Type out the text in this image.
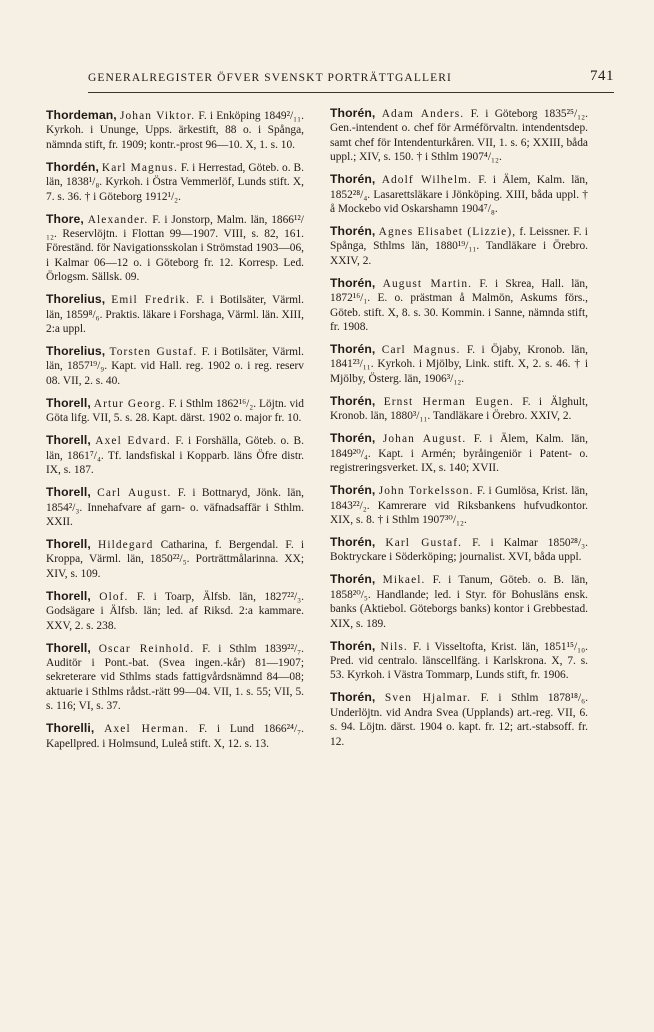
GENERALREGISTER ÖFVER SVENSKT PORTRÄTTGALLERI	741

Thordeman, Johan Viktor. F. i Enköping 1849²/₁₁. Kyrkoh. i Ununge, Upps. ärkestift, 88 o. i Spånga, nämnda stift, fr. 1909; kontr.-prost 96—10. X, 1. s. 10.

Thordén, Karl Magnus. F. i Herrestad, Göteb. o. B. län, 1838¹/₈. Kyrkoh. i Östra Vemmerlöf, Lunds stift. X, 7. s. 36. † i Göteborg 1912¹/₂.

Thore, Alexander. F. i Jonstorp, Malm. län, 1866¹²/₁₂. Reservlöjtn. i Flottan 99—1907. VIII, s. 82, 161. Föreständ. för Navigationsskolan i Strömstad 1903—06, i Kalmar 06—12 o. i Göteborg fr. 12. Korresp. Led. Örlogsm. Sällsk. 09.

Thorelius, Emil Fredrik. F. i Botilsäter, Värml. län, 1859⁸/₆. Praktis. läkare i Forshaga, Värml. län. XIII, 2:a uppl.

Thorelius, Torsten Gustaf. F. i Botilsäter, Värml. län, 1857¹⁹/₉. Kapt. vid Hall. reg. 1902 o. i reg. reserv 08. VII, 2. s. 40.

Thorell, Artur Georg. F. i Sthlm 1862¹⁶/₂. Löjtn. vid Göta lifg. VII, 5. s. 28. Kapt. därst. 1902 o. major fr. 10.

Thorell, Axel Edvard. F. i Forshälla, Göteb. o. B. län, 1861⁷/₄. Tf. landsfiskal i Kopparb. läns Öfre distr. IX, s. 187.

Thorell, Carl August. F. i Bottnaryd, Jönk. län, 1854²/₃. Innehafvare af garn- o. väfnadsaffär i Sthlm. XXII.

Thorell, Hildegard Catharina, f. Bergendal. F. i Kroppa, Värml. län, 1850²²/₅. Porträttmålarinna. XX; XIV, s. 109.

Thorell, Olof. F. i Toarp, Älfsb. län, 1827²²/₃. Godsägare i Älfsb. län; led. af Riksd. 2:a kammare. XXV, 2. s. 238.

Thorell, Oscar Reinhold. F. i Sthlm 1839²²/₇. Auditör i Pont.-bat. (Svea ingen.-kår) 81—1907; sekreterare vid Sthlms stads fattigvårdsnämnd 84—08; aktuarie i Sthlms rådst.-rätt 99—04. VII, 1. s. 55; VII, 5. s. 116; VI, s. 37.

Thorelli, Axel Herman. F. i Lund 1866²⁴/₇. Kapellpred. i Holmsund, Luleå stift. X, 12. s. 13.

Thorén, Adam Anders. F. i Göteborg 1835²⁵/₁₂. Gen.-intendent o. chef för Arméförvaltn. intendentsdep. samt chef för Intendenturkåren. VII, 1. s. 6; XXIII, båda uppl.; XIV, s. 150. † i Sthlm 1907⁴/₁₂.

Thorén, Adolf Wilhelm. F. i Älem, Kalm. län, 1852²⁸/₄. Lasarettsläkare i Jönköping. XIII, båda uppl. † å Mockebo vid Oskarshamn 1904⁷/₈.

Thorén, Agnes Elisabet (Lizzie), f. Leissner. F. i Spånga, Sthlms län, 1880¹⁹/₁₁. Tandläkare i Örebro. XXIV, 2.

Thorén, August Martin. F. i Skrea, Hall. län, 1872¹⁶/₁. E. o. prästman å Malmön, Askums förs., Göteb. stift. X, 8. s. 30. Kommin. i Sanne, nämnda stift, fr. 1908.

Thorén, Carl Magnus. F. i Öjaby, Kronob. län, 1841²³/₁₁. Kyrkoh. i Mjölby, Link. stift. X, 2. s. 46. † i Mjölby, Österg. län, 1906³/₁₂.

Thorén, Ernst Herman Eugen. F. i Älghult, Kronob. län, 1880³/₁₁. Tandläkare i Örebro. XXIV, 2.

Thorén, Johan August. F. i Älem, Kalm. län, 1849²⁰/₄. Kapt. i Armén; byråingeniör i Patent- o. registreringsverket. IX, s. 140; XVII.

Thorén, John Torkelsson. F. i Gumlösa, Krist. län, 1843²²/₂. Kamrerare vid Riksbankens hufvudkontor. XIX, s. 8. † i Sthlm 1907³⁰/₁₂.

Thorén, Karl Gustaf. F. i Kalmar 1850²⁸/₃. Boktryckare i Söderköping; journalist. XVI, båda uppl.

Thorén, Mikael. F. i Tanum, Göteb. o. B. län, 1858²⁰/₅. Handlande; led. i Styr. för Bohusläns ensk. banks (Aktiebol. Göteborgs banks) kontor i Grebbestad. XIX, s. 189.

Thorén, Nils. F. i Visseltofta, Krist. län, 1851¹⁵/₁₀. Pred. vid centralo. länscellfäng. i Karlskrona. X, 7. s. 53. Kyrkoh. i Västra Tommarp, Lunds stift, fr. 1906.

Thorén, Sven Hjalmar. F. i Sthlm 1878¹⁸/₆. Underlöjtn. vid Andra Svea (Upplands) art.-reg. VII, 6. s. 94. Löjtn. därst. 1904 o. kapt. fr. 12; art.-stabsoff. fr. 12.
